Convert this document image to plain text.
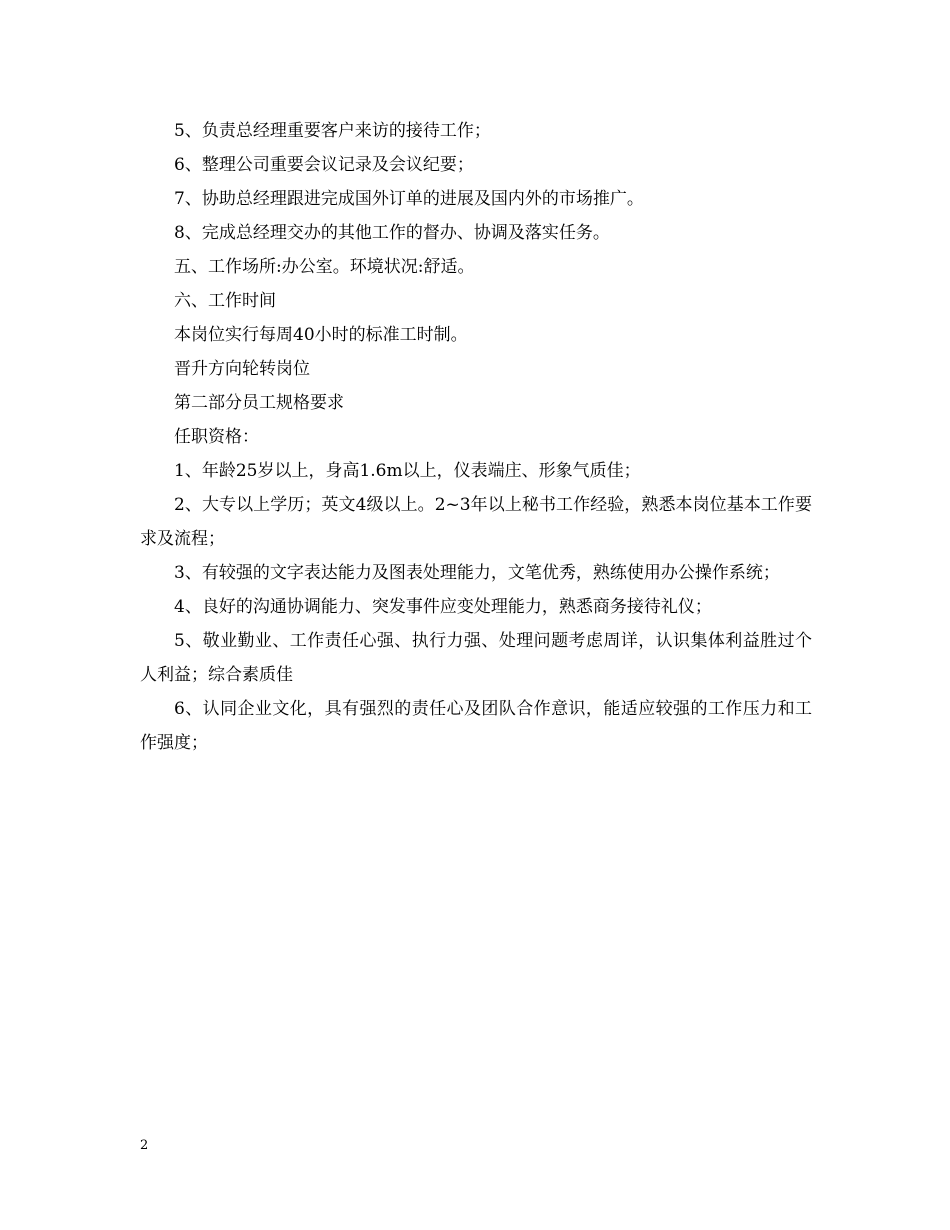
5、负责总经理重要客户来访的接待工作；

6、整理公司重要会议记录及会议纪要；

7、协助总经理跟进完成国外订单的进展及国内外的市场推广。

8、完成总经理交办的其他工作的督办、协调及落实任务。

五、工作场所:办公室。环境状况:舒适。

六、工作时间

本岗位实行每周40小时的标准工时制。

晋升方向轮转岗位

第二部分员工规格要求

任职资格：

1、年龄25岁以上，身高1.6m以上，仪表端庄、形象气质佳；

2、大专以上学历；英文4级以上。2~3年以上秘书工作经验，熟悉本岗位基本工作要求及流程；

3、有较强的文字表达能力及图表处理能力，文笔优秀，熟练使用办公操作系统；

4、良好的沟通协调能力、突发事件应变处理能力，熟悉商务接待礼仪；

5、敬业勤业、工作责任心强、执行力强、处理问题考虑周详，认识集体利益胜过个人利益；综合素质佳

6、认同企业文化，具有强烈的责任心及团队合作意识，能适应较强的工作压力和工作强度；

2
